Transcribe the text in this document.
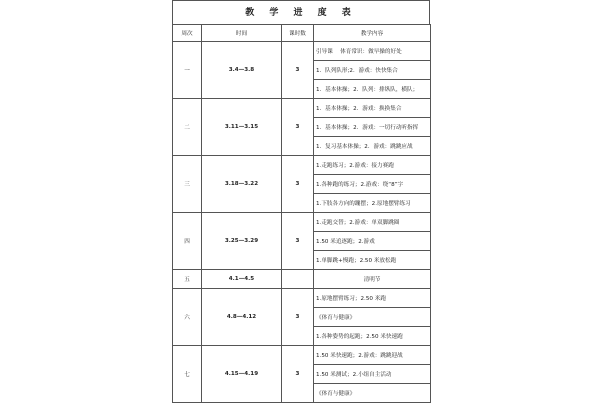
教 学 进 度 表
周次	时间	课时数	教学内容
一	3.4—3.8	3	引导课　 体育常识：做早操的好处
			1．队列队形;2．游戏：快快集合
			1．基本体操；2．队列：排纵队，横队；
二	3.11—3.15	3	1．基本体操；2．游戏：换换集合
			1．基本体操；2．游戏：一切行动听指挥
			1．复习基本体操；2．游戏：跳跳应战
三	3.18—3.22	3	1.走跑练习；2.游戏：接力赛跑
			1.各种跑的练习；2.游戏：绕“8”字
			1.下肢各方向的蹦摆；2.原地摆臂练习
四	3.25—3.29	3	1.走跑交替；2.游戏：单双脚跳圈
			1.50 米追逐跑；2.游戏
			1.单脚跳+慢跑；2.50 米放松跑
五	4.1—4.5		清明节
六	4.8—4.12	3	1.原地摆臂练习；2.50 米跑
			《体育与健康》
			1.各种姿势的起跑；2.50 米快速跑
七	4.15—4.19	3	1.50 米快速跑；2.游戏：跳跳迎战
			1.50 米测试；2.小组自主活动
			《体育与健康》
